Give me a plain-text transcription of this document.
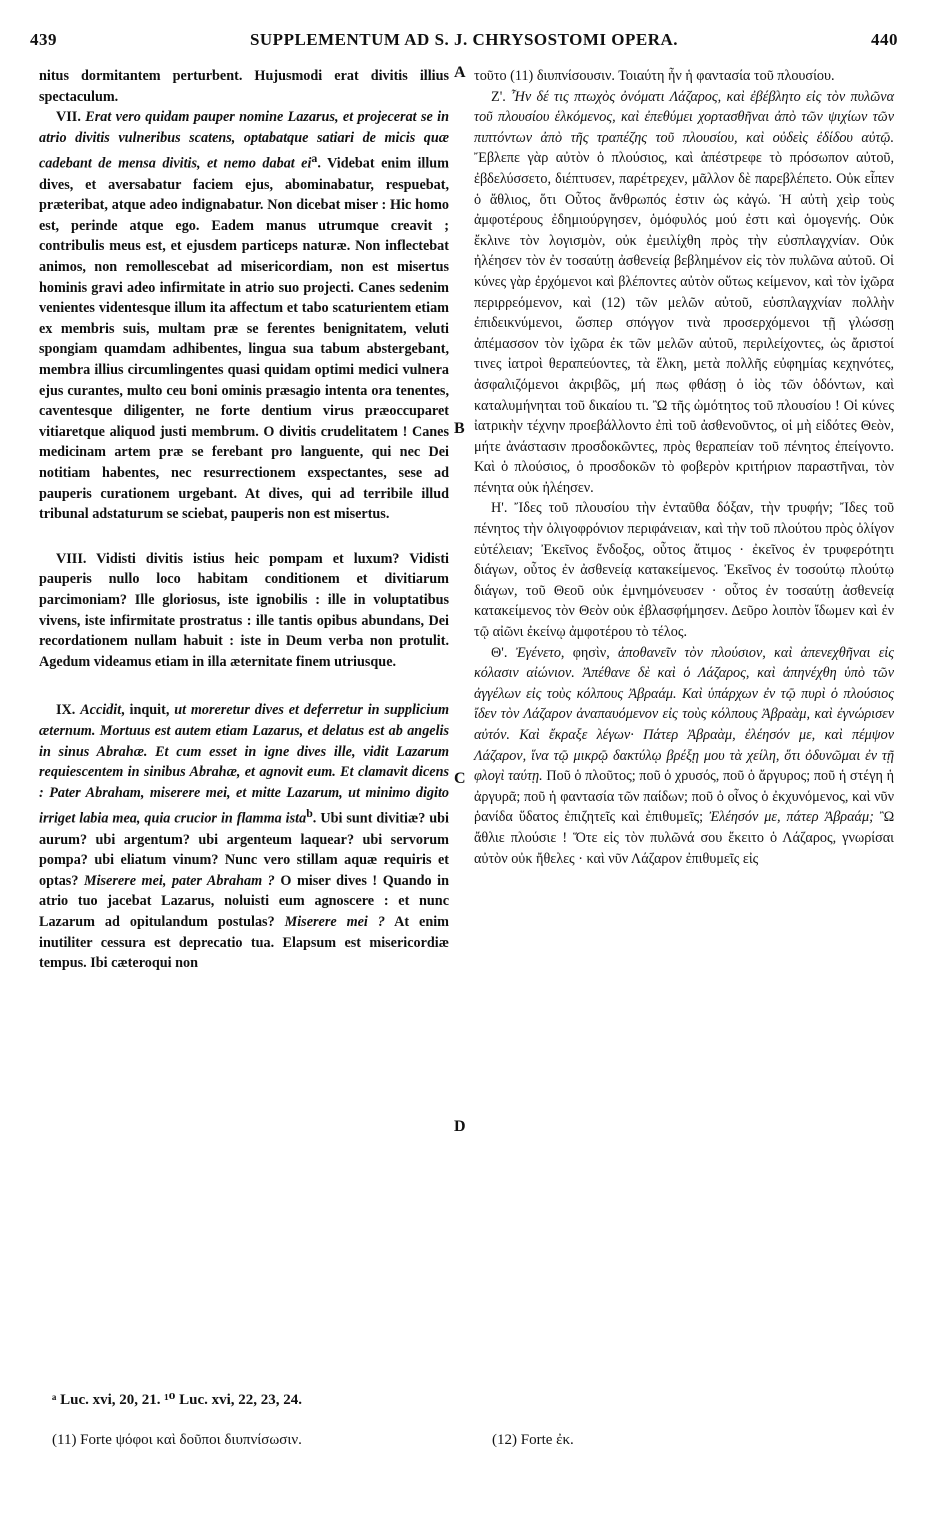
439	SUPPLEMENTUM AD S. J. CHRYSOSTOMI OPERA.	440

nitus dormitantem perturbent. Hujusmodi erat divitis illius spectaculum.

VII. Erat vero quidam pauper nomine Lazarus, et projecerat se in atrio divitis vulneribus scatens, optabatque satiari de micis quæ cadebant de mensa divitis, et nemo dabat $ei^a$. Videbat enim illum dives, et aversabatur faciem ejus, abominabatur, respuebat, præteribat, atque adeo indignabatur. Non dicebat miser : Hic homo est, perinde atque ego. Eadem manus utrumque creavit ; contribulis meus est, et ejusdem particeps naturæ. Non inflectebat animos, non remollescebat ad misericordiam, non est misertus hominis gravi adeo infirmitate in atrio suo projecti. Canes sedenim venientes videntesque illum ita affectum et tabo scaturientem etiam ex membris suis, multam præ se ferentes benignitatem, veluti spongiam quamdam adhibentes, lingua sua tabum abstergebant, membra illius circumlingentes quasi quidam optimi medici vulnera ejus curantes, multo ceu boni ominis præsagio intenta ora tenentes, caventesque diligenter, ne forte dentium virus præoccuparet vitiaretque aliquod justi membrum. O divitis crudelitatem ! Canes medicinam artem præ se ferebant pro languente, qui nec Dei notitiam habentes, nec resurrectionem exspectantes, sese ad pauperis curationem urgebant. At dives, qui ad terribile illud tribunal adstaturum se sciebat, pauperis non est misertus.

VIII. Vidisti divitis istius heic pompam et luxum? Vidisti pauperis nullo loco habitam conditionem et divitiarum parcimoniam? Ille gloriosus, iste ignobilis : ille in voluptatibus vivens, iste infirmitate prostratus : ille tantis opibus abundans, Dei recordationem nullam habuit : iste in Deum verba non protulit. Agedum videamus etiam in illa æternitate finem utriusque.

IX. Accidit, inquit, ut moreretur dives et deferretur in supplicium æternum. Mortuus est autem etiam Lazarus, et delatus est ab angelis in sinus Abrahæ. Et cum esset in igne dives ille, vidit Lazarum requiescentem in sinibus Abrahæ, et agnovit eum. Et clamavit dicens : Pater Abraham, miserere mei, et mitte Lazarum, ut minimo digito irriget labia mea, quia crucior in flamma ista$^b$. Ubi sunt divitiæ? ubi aurum? ubi argentum? ubi argenteum laquear? ubi servorum pompa? ubi eliatum vinum? Nunc vero stillam aquæ requiris et optas? Miserere mei, pater Abraham ? O miser dives ! Quando in atrio tuo jacebat Lazarus, noluisti eum agnoscere : et nunc Lazarum ad opitulandum postulas? Miserere mei ? At enim inutiliter cessura est deprecatio tua. Elapsum est misericordiæ tempus. Ibi cæteroqui non

A
B
C
D

τοῦτο (11) διυπνίσουσιν. Τοιαύτη ἦν ἡ φαντασία τοῦ πλουσίου.

Ζ'. Ἦν δέ τις πτωχὸς ὀνόματι Λάζαρος, καὶ ἐβέβλητο εἰς τὸν πυλῶνα τοῦ πλουσίου ἑλκόμενος, καὶ ἐπεθύμει χορτασθῆναι ἀπὸ τῶν ψιχίων τῶν πιπτόντων ἀπὸ τῆς τραπέζης τοῦ πλουσίου, καὶ οὐδεὶς ἐδίδου αὐτῷ. Ἔβλεπε γὰρ αὐτὸν ὁ πλούσιος, καὶ ἀπέστρεφε τὸ πρόσωπον αὐτοῦ, ἐβδελύσσετο, διέπτυσεν, παρέτρεχεν, μᾶλλον δὲ παρεβλέπετο. Οὐκ εἶπεν ὁ ἄθλιος, ὅτι Οὗτος ἄνθρωπός ἐστιν ὡς κἀγώ. Ἡ αὐτὴ χεὶρ τοὺς ἀμφοτέρους ἐδημιούργησεν, ὁμόφυλός μού ἐστι καὶ ὁμογενής. Οὐκ ἔκλινε τὸν λογισμὸν, οὐκ ἐμειλίχθη πρὸς τὴν εὐσπλαγχνίαν. Οὐκ ἠλέησεν τὸν ἐν τοσαύτῃ ἀσθενείᾳ βεβλημένον εἰς τὸν πυλῶνα αὐτοῦ. Οἱ κύνες γὰρ ἐρχόμενοι καὶ βλέποντες αὐτὸν οὕτως κείμενον, καὶ τὸν ἰχῶρα περιρρεόμενον, καὶ (12) τῶν μελῶν αὐτοῦ, εὐσπλαγχνίαν πολλὴν ἐπιδεικνύμενοι, ὥσπερ σπόγγον τινὰ προσερχόμενοι τῇ γλώσσῃ ἀπέμασσον τὸν ἰχῶρα ἐκ τῶν μελῶν αὐτοῦ, περιλείχοντες, ὡς ἄριστοί τινες ἰατροὶ θεραπεύοντες, τὰ ἕλκη, μετὰ πολλῆς εὐφημίας κεχηνότες, ἀσφαλιζόμενοι ἀκριβῶς, μή πως φθάσῃ ὁ ἰὸς τῶν ὀδόντων, καὶ καταλυμήνηται τοῦ δικαίου τι. Ὢ τῆς ὠμότητος τοῦ πλουσίου ! Οἱ κύνες ἰατρικὴν τέχνην προεβάλλοντο ἐπὶ τοῦ ἀσθενοῦντος, οἱ μὴ εἰδότες Θεὸν, μήτε ἀνάστασιν προσδοκῶντες, πρὸς θεραπείαν τοῦ πένητος ἐπείγοντο. Καὶ ὁ πλούσιος, ὁ προσδοκῶν τὸ φοβερὸν κριτήριον παραστῆναι, τὸν πένητα οὐκ ἠλέησεν.

Η'. Ἴδες τοῦ πλουσίου τὴν ἐνταῦθα δόξαν, τὴν τρυφήν; Ἴδες τοῦ πένητος τὴν ὀλιγοφρόνιον περιφάνειαν, καὶ τὴν τοῦ πλούτου πρὸς ὀλίγον εὐτέλειαν; Ἐκεῖνος ἔνδοξος, οὗτος ἄτιμος · ἐκεῖνος ἐν τρυφερότητι διάγων, οὗτος ἐν ἀσθενείᾳ κατακείμενος. Ἐκεῖνος ἐν τοσούτῳ πλούτῳ διάγων, τοῦ Θεοῦ οὐκ ἐμνημόνευσεν · οὗτος ἐν τοσαύτῃ ἀσθενείᾳ κατακείμενος τὸν Θεὸν οὐκ ἐβλασφήμησεν. Δεῦρο λοιπὸν ἴδωμεν καὶ ἐν τῷ αἰῶνι ἐκείνῳ ἀμφοτέρου τὸ τέλος.

Θ'. Ἐγένετο, φησὶν, ἀποθανεῖν τὸν πλούσιον, καὶ ἀπενεχθῆναι εἰς κόλασιν αἰώνιον. Ἀπέθανε δὲ καὶ ὁ Λάζαρος, καὶ ἀπηνέχθη ὑπὸ τῶν ἀγγέλων εἰς τοὺς κόλπους Ἀβραάμ. Καὶ ὑπάρχων ἐν τῷ πυρὶ ὁ πλούσιος ἴδεν τὸν Λάζαρον ἀναπαυόμενον εἰς τοὺς κόλπους Ἀβραὰμ, καὶ ἐγνώρισεν αὐτόν. Καὶ ἔκραξε λέγων· Πάτερ Ἀβραὰμ, ἐλέησόν με, καὶ πέμψον Λάζαρον, ἵνα τῷ μικρῷ δακτύλῳ βρέξῃ μου τὰ χείλη, ὅτι ὀδυνῶμαι ἐν τῇ φλογὶ ταύτῃ. Ποῦ ὁ πλοῦτος; ποῦ ὁ χρυσός, ποῦ ὁ ἄργυρος; ποῦ ἡ στέγη ἡ ἀργυρᾶ; ποῦ ἡ φαντασία τῶν παίδων; ποῦ ὁ οἶνος ὁ ἐκχυνόμενος, καὶ νῦν ῥανίδα ὕδατος ἐπιζητεῖς καὶ ἐπιθυμεῖς; Ἐλέησόν με, πάτερ Ἀβραάμ; Ὢ ἄθλιε πλούσιε ! Ὅτε εἰς τὸν πυλῶνά σου ἔκειτο ὁ Λάζαρος, γνωρίσαι αὐτὸν οὐκ ἤθελες · καὶ νῦν Λάζαρον ἐπιθυμεῖς εἰς

ᵃ Luc. xvi, 20, 21. ¹⁰ Luc. xvi, 22, 23, 24.
(11) Forte ψόφοι καὶ δοῦποι διυπνίσωσιν.	(12) Forte ἐκ.
